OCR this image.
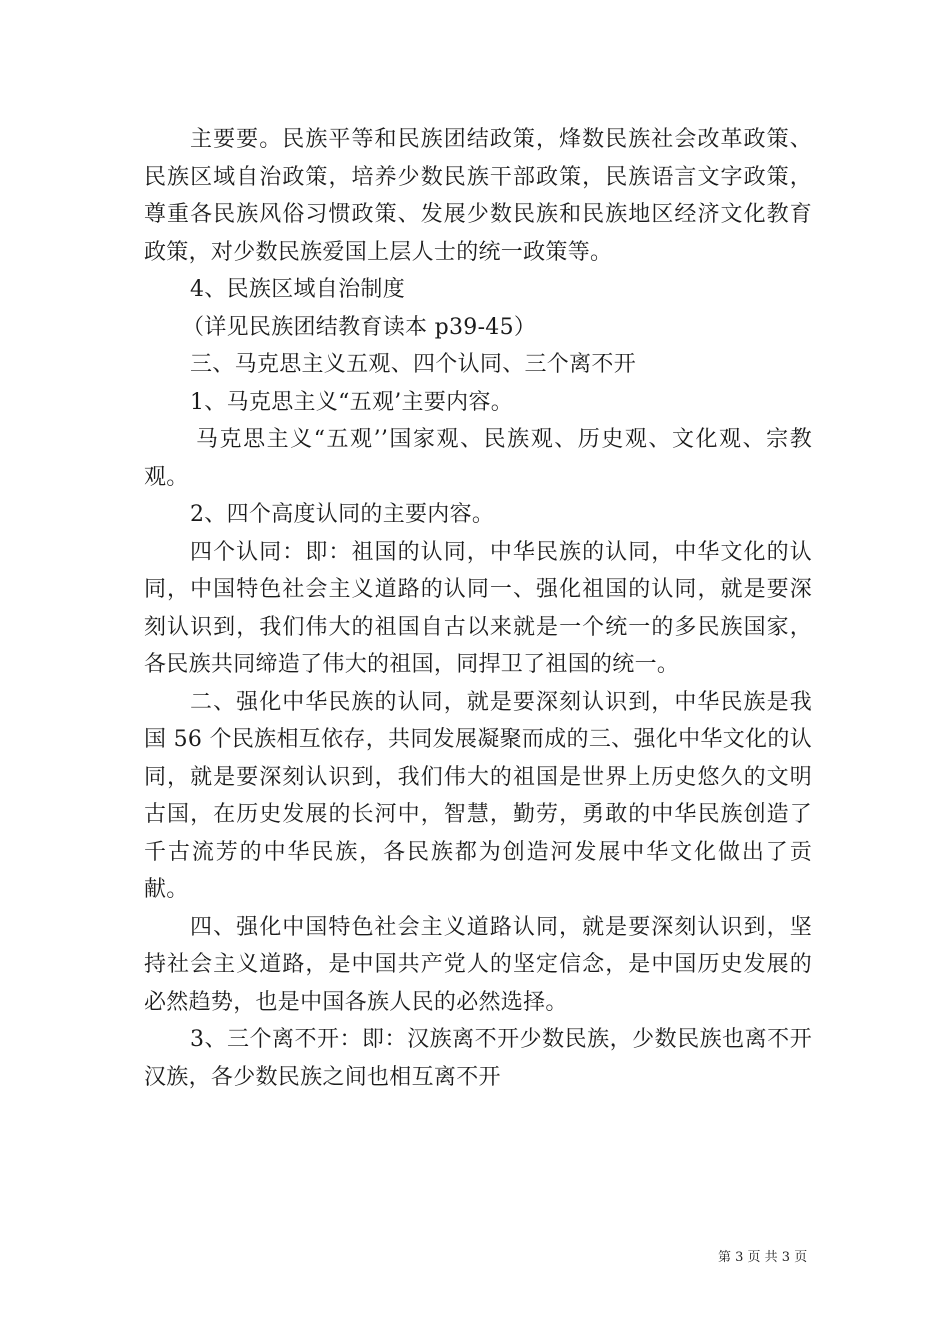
主要要。民族平等和民族团结政策，烽数民族社会改革政策、民族区域自治政策，培养少数民族干部政策，民族语言文字政策，尊重各民族风俗习惯政策、发展少数民族和民族地区经济文化教育政策，对少数民族爱国上层人士的统一政策等。

4、民族区域自治制度

（详见民族团结教育读本 p39-45）

三、马克思主义五观、四个认同、三个离不开

1、马克思主义“五观’主要内容。

马克思主义“五观’’国家观、民族观、历史观、文化观、宗教观。

2、四个高度认同的主要内容。

四个认同：即：祖国的认同，中华民族的认同，中华文化的认同，中国特色社会主义道路的认同一、强化祖国的认同，就是要深刻认识到，我们伟大的祖国自古以来就是一个统一的多民族国家，各民族共同缔造了伟大的祖国，同捍卫了祖国的统一。

二、强化中华民族的认同，就是要深刻认识到，中华民族是我国 56 个民族相互依存，共同发展凝聚而成的三、强化中华文化的认同，就是要深刻认识到，我们伟大的祖国是世界上历史悠久的文明古国，在历史发展的长河中，智慧，勤劳，勇敢的中华民族创造了千古流芳的中华民族，各民族都为创造河发展中华文化做出了贡献。

四、强化中国特色社会主义道路认同，就是要深刻认识到，坚持社会主义道路，是中国共产党人的坚定信念，是中国历史发展的必然趋势，也是中国各族人民的必然选择。

3、三个离不开：即：汉族离不开少数民族，少数民族也离不开汉族，各少数民族之间也相互离不开

第 3 页 共 3 页
